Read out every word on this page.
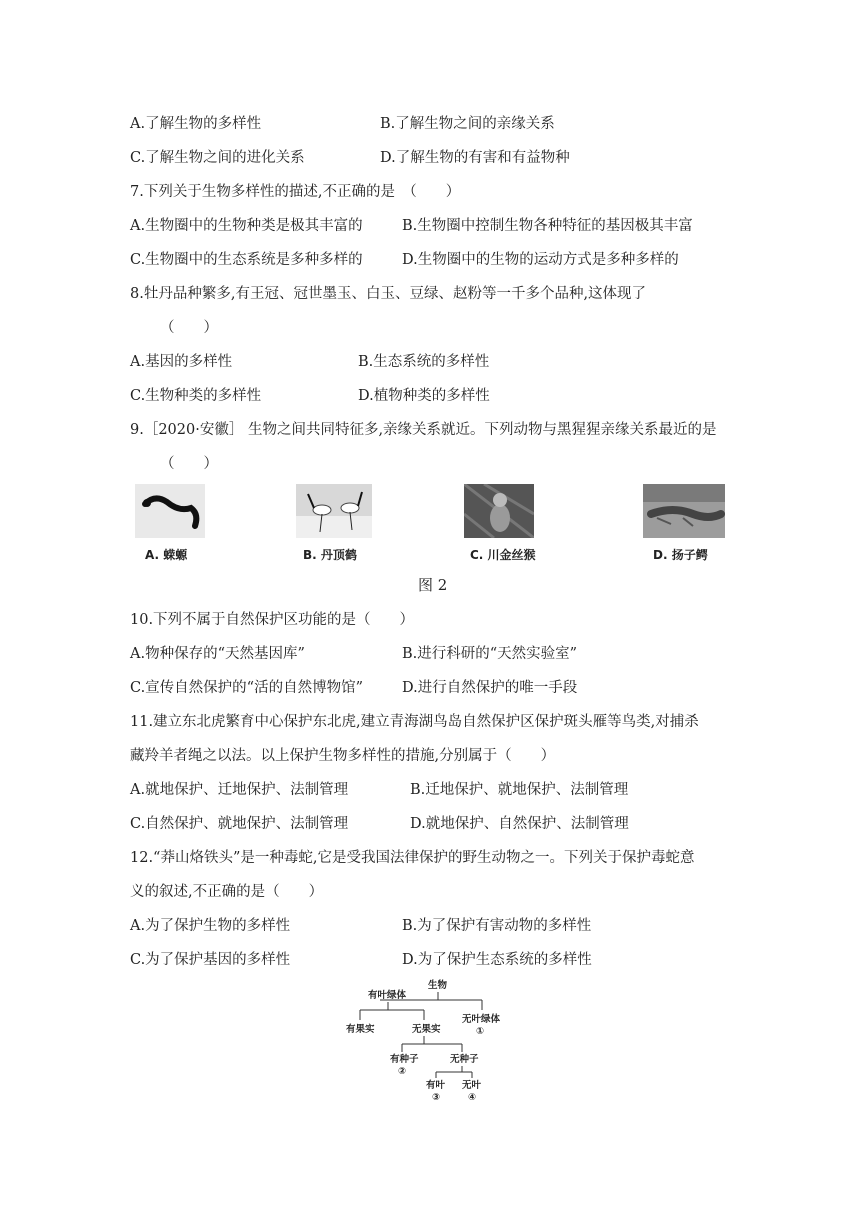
A.了解生物的多样性	B.了解生物之间的亲缘关系
C.了解生物之间的进化关系	D.了解生物的有害和有益物种
7.下列关于生物多样性的描述,不正确的是　（　　）
A.生物圈中的生物种类是极其丰富的	B.生物圈中控制生物各种特征的基因极其丰富
C.生物圈中的生态系统是多种多样的	D.生物圈中的生物的运动方式是多种多样的
8.牡丹品种繁多,有王冠、冠世墨玉、白玉、豆绿、赵粉等一千多个品种,这体现了
（　　）
A.基因的多样性	B.生态系统的多样性
C.生物种类的多样性	D.植物种类的多样性
9.［2020·安徽］ 生物之间共同特征多,亲缘关系就近。下列动物与黑猩猩亲缘关系最近的是
（　　）
A. 蝾螈	B. 丹顶鹤	C. 川金丝猴	D. 扬子鳄
图 2
10.下列不属于自然保护区功能的是（　　）
A.物种保存的“天然基因库”	B.进行科研的“天然实验室”
C.宣传自然保护的“活的自然博物馆”	D.进行自然保护的唯一手段
11.建立东北虎繁育中心保护东北虎,建立青海湖鸟岛自然保护区保护斑头雁等鸟类,对捕杀
藏羚羊者绳之以法。以上保护生物多样性的措施,分别属于（　　）
A.就地保护、迁地保护、法制管理	B.迁地保护、就地保护、法制管理
C.自然保护、就地保护、法制管理	D.就地保护、自然保护、法制管理
12.“莽山烙铁头”是一种毒蛇,它是受我国法律保护的野生动物之一。下列关于保护毒蛇意
义的叙述,不正确的是（　　）
A.为了保护生物的多样性	B.为了保护有害动物的多样性
C.为了保护基因的多样性	D.为了保护生态系统的多样性
生物
有叶绿体
无叶绿体
①
有果实	无果实
有种子
②
无种子
有叶
③
无叶
④
